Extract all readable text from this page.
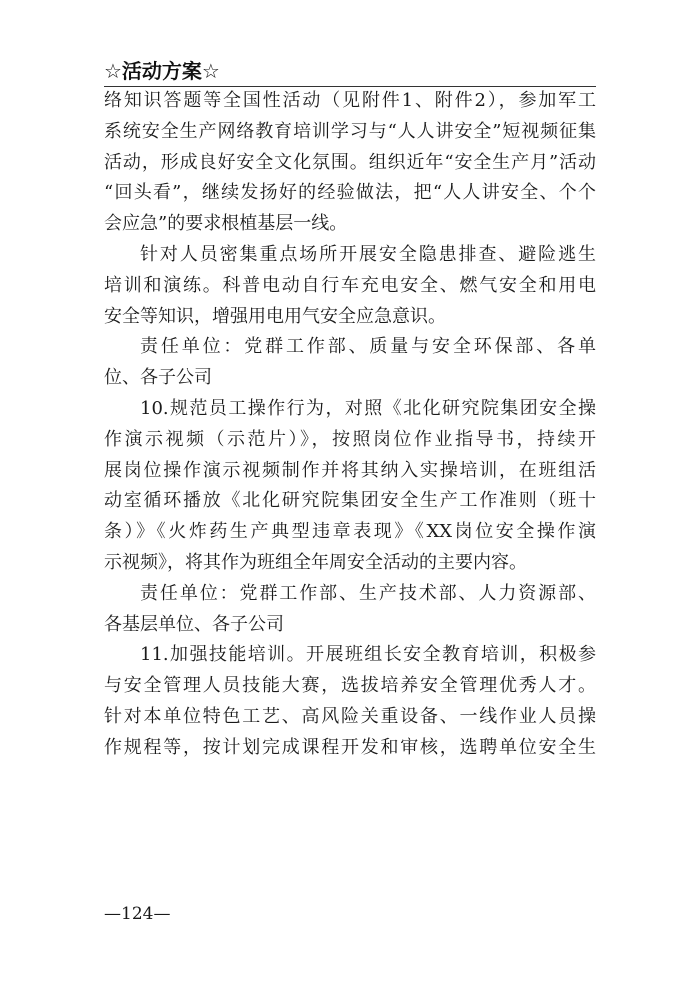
☆活动方案☆
络知识答题等全国性活动（见附件1、附件2），参加军工
系统安全生产网络教育培训学习与“人人讲安全”短视频征集
活动，形成良好安全文化氛围。组织近年“安全生产月”活动
“回头看”，继续发扬好的经验做法，把“人人讲安全、个个
会应急”的要求根植基层一线。
针对人员密集重点场所开展安全隐患排查、避险逃生
培训和演练。科普电动自行车充电安全、燃气安全和用电
安全等知识，增强用电用气安全应急意识。
责任单位：党群工作部、质量与安全环保部、各单
位、各子公司
10.规范员工操作行为，对照《北化研究院集团安全操
作演示视频（示范片）》，按照岗位作业指导书，持续开
展岗位操作演示视频制作并将其纳入实操培训，在班组活
动室循环播放《北化研究院集团安全生产工作准则（班十
条）》《火炸药生产典型违章表现》《XX岗位安全操作演
示视频》，将其作为班组全年周安全活动的主要内容。
责任单位：党群工作部、生产技术部、人力资源部、
各基层单位、各子公司
11.加强技能培训。开展班组长安全教育培训，积极参
与安全管理人员技能大赛，选拔培养安全管理优秀人才。
针对本单位特色工艺、高风险关重设备、一线作业人员操
作规程等，按计划完成课程开发和审核，选聘单位安全生
—124—
